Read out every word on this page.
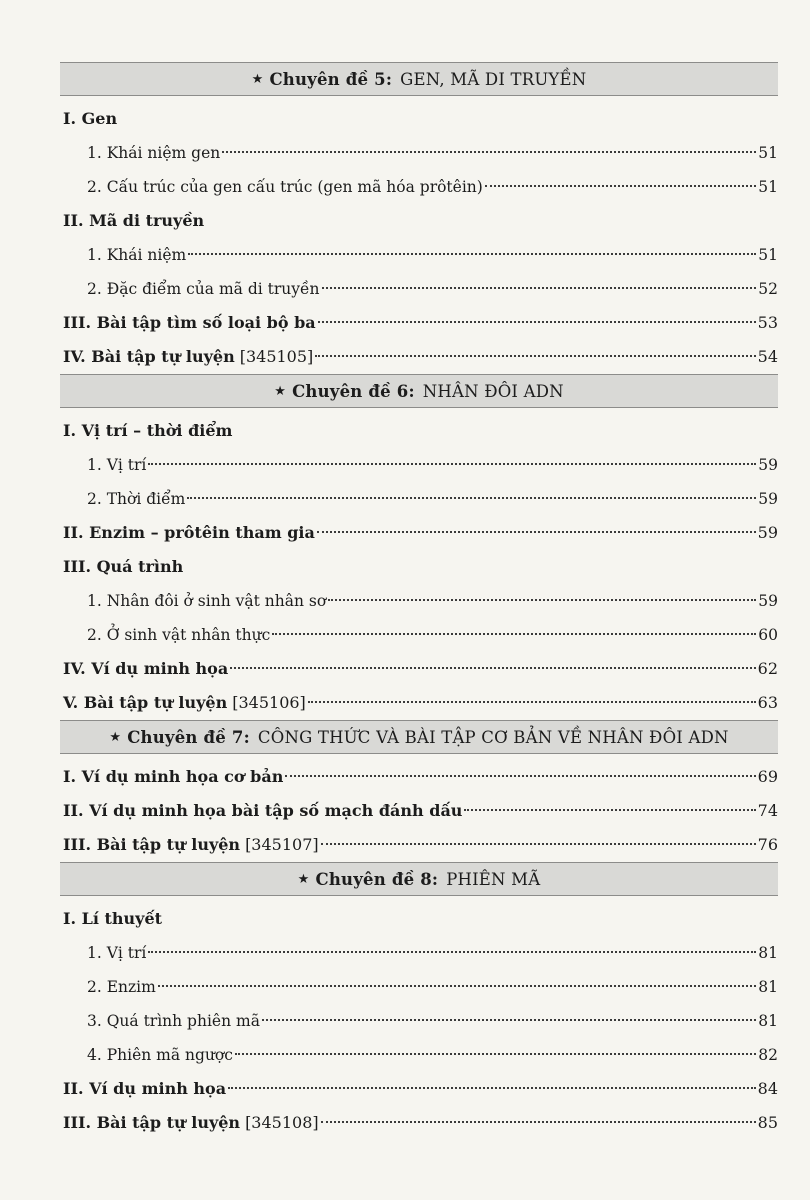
★ Chuyên đề 5: GEN, MÃ DI TRUYỀN
I. Gen
1. Khái niệm gen	51
2. Cấu trúc của gen cấu trúc (gen mã hóa prôtêin)	51
II. Mã di truyền
1. Khái niệm	51
2. Đặc điểm của mã di truyền	52
III. Bài tập tìm số loại bộ ba	53
IV. Bài tập tự luyện [345105]	54
★ Chuyên đề 6: NHÂN ĐÔI ADN
I. Vị trí – thời điểm
1. Vị trí	59
2. Thời điểm	59
II. Enzim – prôtêin tham gia	59
III. Quá trình
1. Nhân đôi ở sinh vật nhân sơ	59
2. Ở sinh vật nhân thực	60
IV. Ví dụ minh họa	62
V. Bài tập tự luyện [345106]	63
★ Chuyên đề 7: CÔNG THỨC VÀ BÀI TẬP CƠ BẢN VỀ NHÂN ĐÔI ADN
I. Ví dụ minh họa cơ bản	69
II. Ví dụ minh họa bài tập số mạch đánh dấu	74
III. Bài tập tự luyện [345107]	76
★ Chuyên đề 8: PHIÊN MÃ
I. Lí thuyết
1. Vị trí	81
2. Enzim	81
3. Quá trình phiên mã	81
4. Phiên mã ngược	82
II. Ví dụ minh họa	84
III. Bài tập tự luyện [345108]	85
